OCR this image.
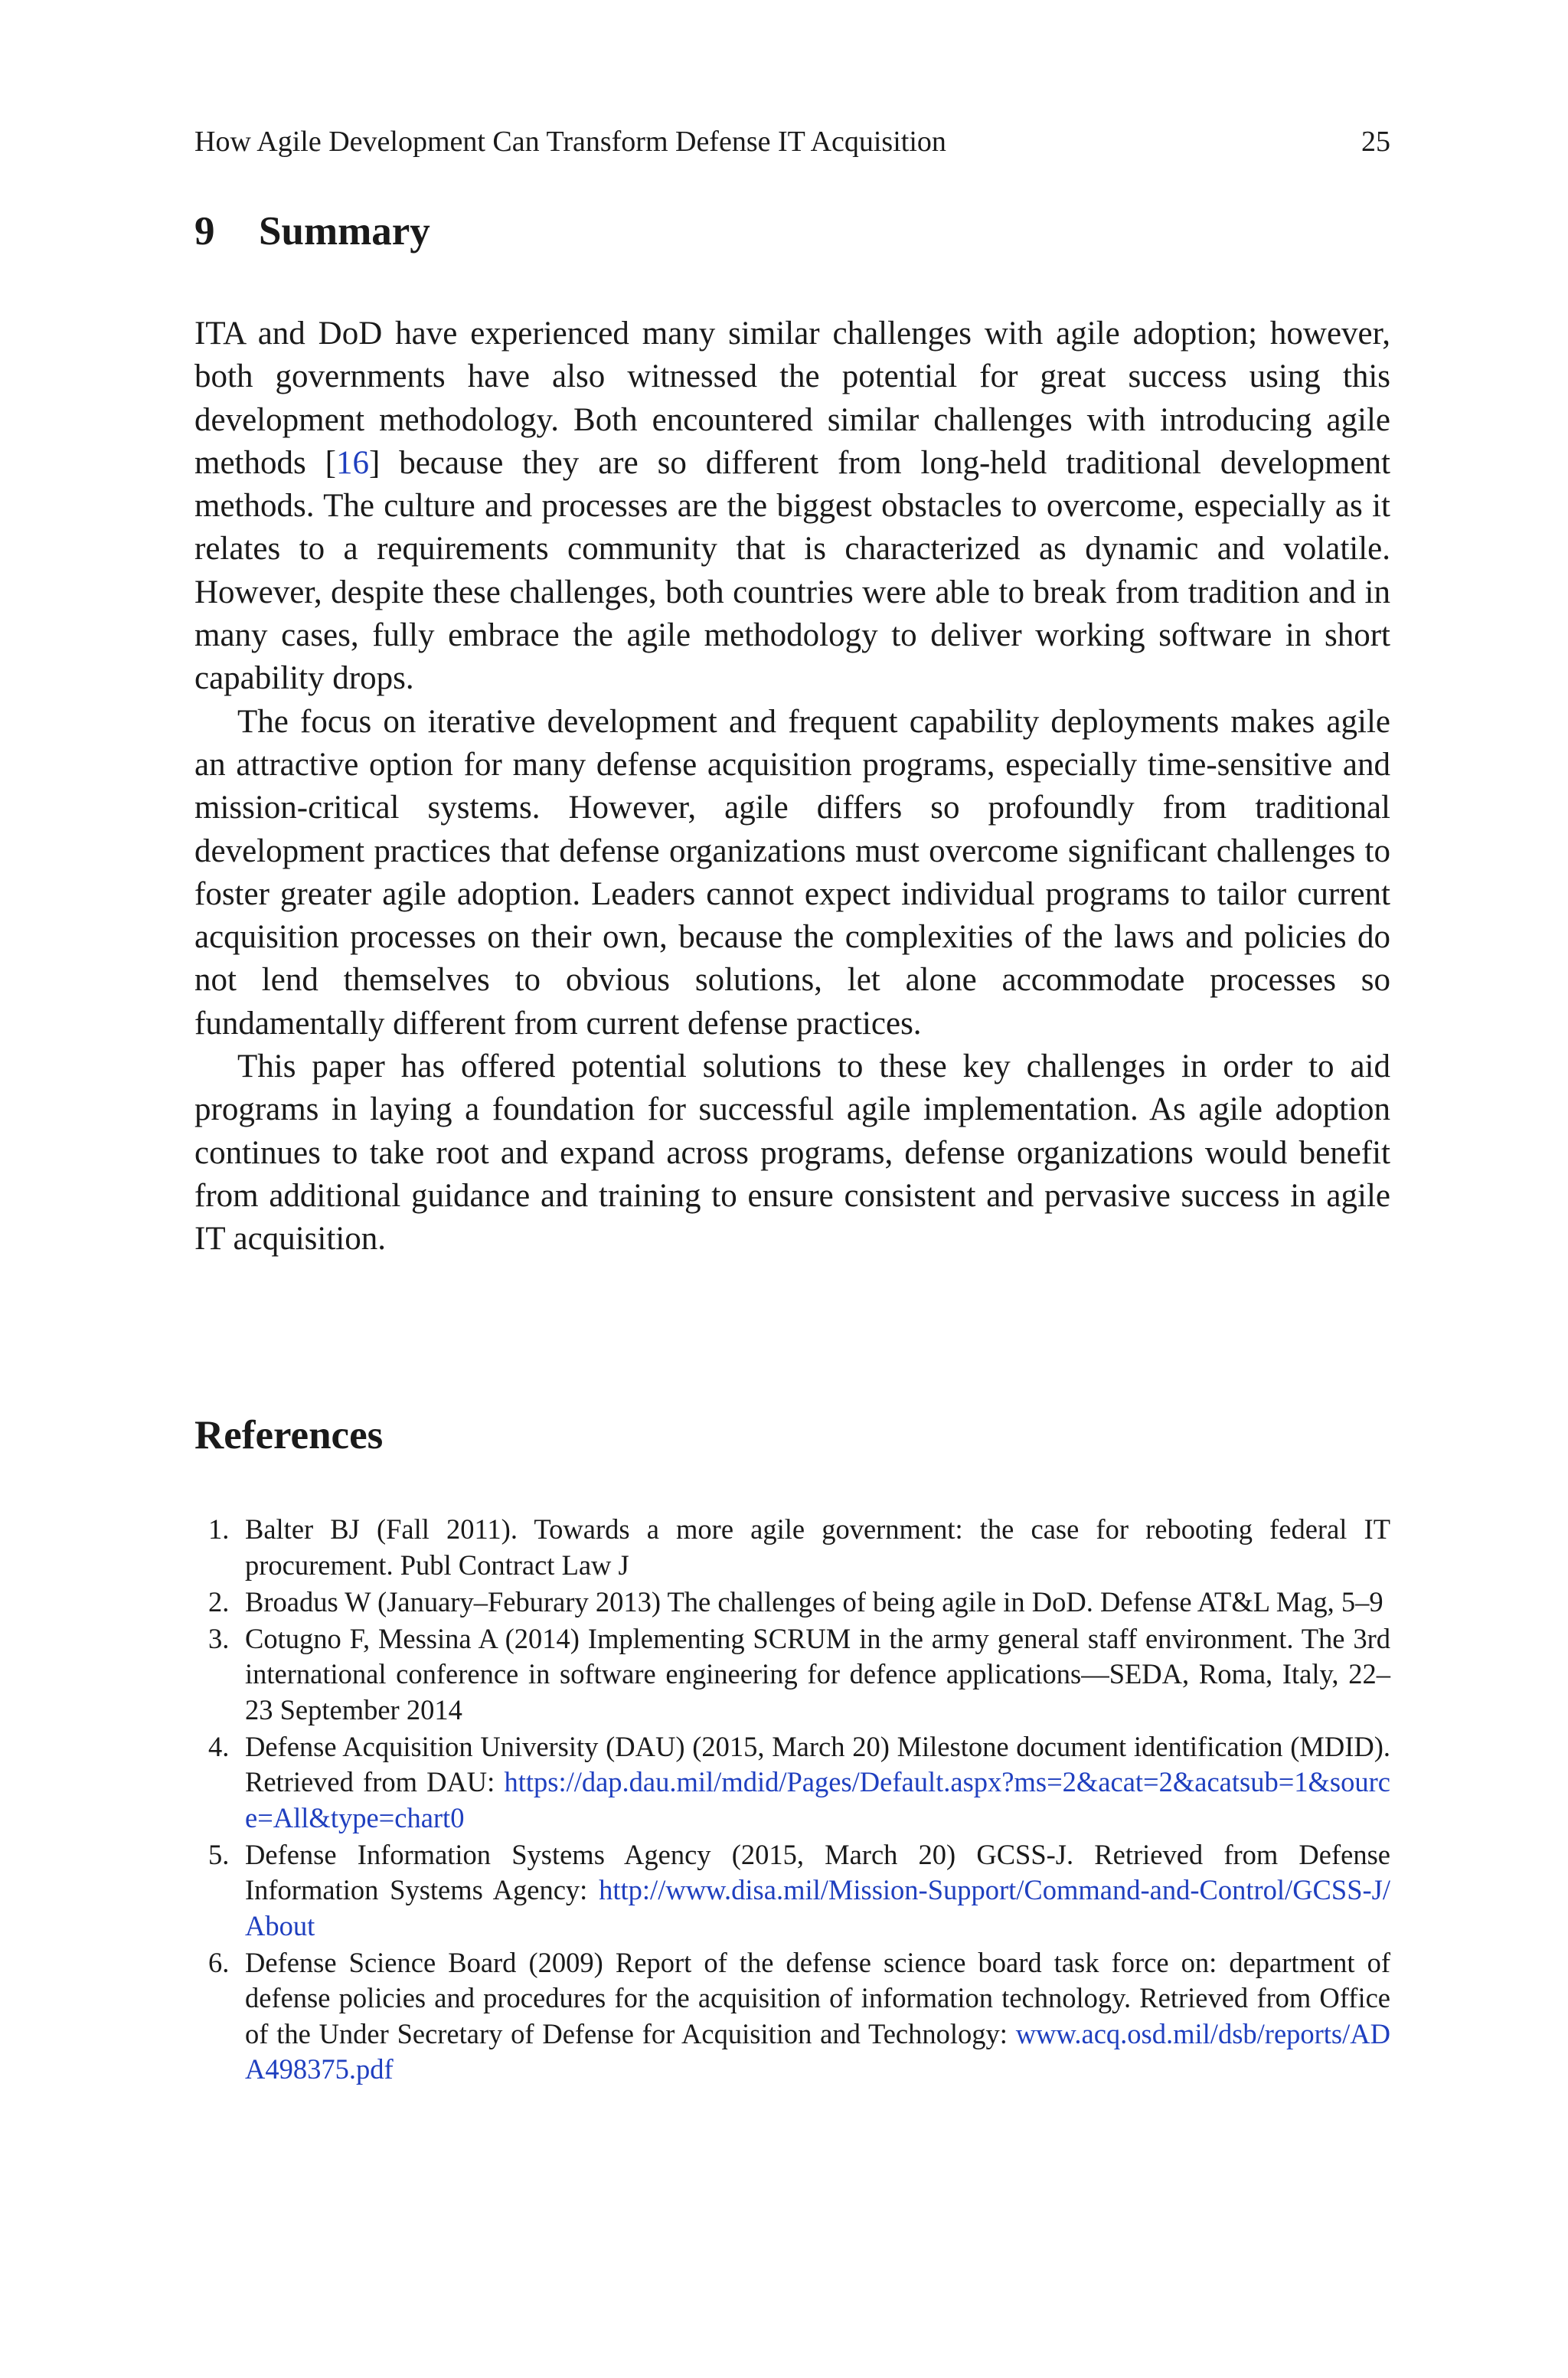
How Agile Development Can Transform Defense IT Acquisition	25
9 Summary

ITA and DoD have experienced many similar challenges with agile adoption; however, both governments have also witnessed the potential for great success using this development methodology. Both encountered similar challenges with introducing agile methods [16] because they are so different from long-held traditional development methods. The culture and processes are the biggest obstacles to overcome, especially as it relates to a requirements community that is characterized as dynamic and volatile. However, despite these challenges, both countries were able to break from tradition and in many cases, fully embrace the agile methodology to deliver working software in short capability drops.

The focus on iterative development and frequent capability deployments makes agile an attractive option for many defense acquisition programs, especially time-sensitive and mission-critical systems. However, agile differs so profoundly from traditional development practices that defense organizations must overcome significant challenges to foster greater agile adoption. Leaders cannot expect individual programs to tailor current acquisition processes on their own, because the complexities of the laws and policies do not lend themselves to obvious solutions, let alone accommodate processes so fundamentally different from current defense practices.

This paper has offered potential solutions to these key challenges in order to aid programs in laying a foundation for successful agile implementation. As agile adoption continues to take root and expand across programs, defense organizations would benefit from additional guidance and training to ensure consistent and pervasive success in agile IT acquisition.

References
1. Balter BJ (Fall 2011). Towards a more agile government: the case for rebooting federal IT procurement. Publ Contract Law J
2. Broadus W (January–Feburary 2013) The challenges of being agile in DoD. Defense AT&L Mag, 5–9
3. Cotugno F, Messina A (2014) Implementing SCRUM in the army general staff environment. The 3rd international conference in software engineering for defence applications—SEDA, Roma, Italy, 22–23 September 2014
4. Defense Acquisition University (DAU) (2015, March 20) Milestone document identification (MDID). Retrieved from DAU: https://dap.dau.mil/mdid/Pages/Default.aspx?ms=2&acat=2&acatsub=1&source=All&type=chart0
5. Defense Information Systems Agency (2015, March 20) GCSS-J. Retrieved from Defense Information Systems Agency: http://www.disa.mil/Mission-Support/Command-and-Control/GCSS-J/About
6. Defense Science Board (2009) Report of the defense science board task force on: department of defense policies and procedures for the acquisition of information technology. Retrieved from Office of the Under Secretary of Defense for Acquisition and Technology: www.acq.osd.mil/dsb/reports/ADA498375.pdf
